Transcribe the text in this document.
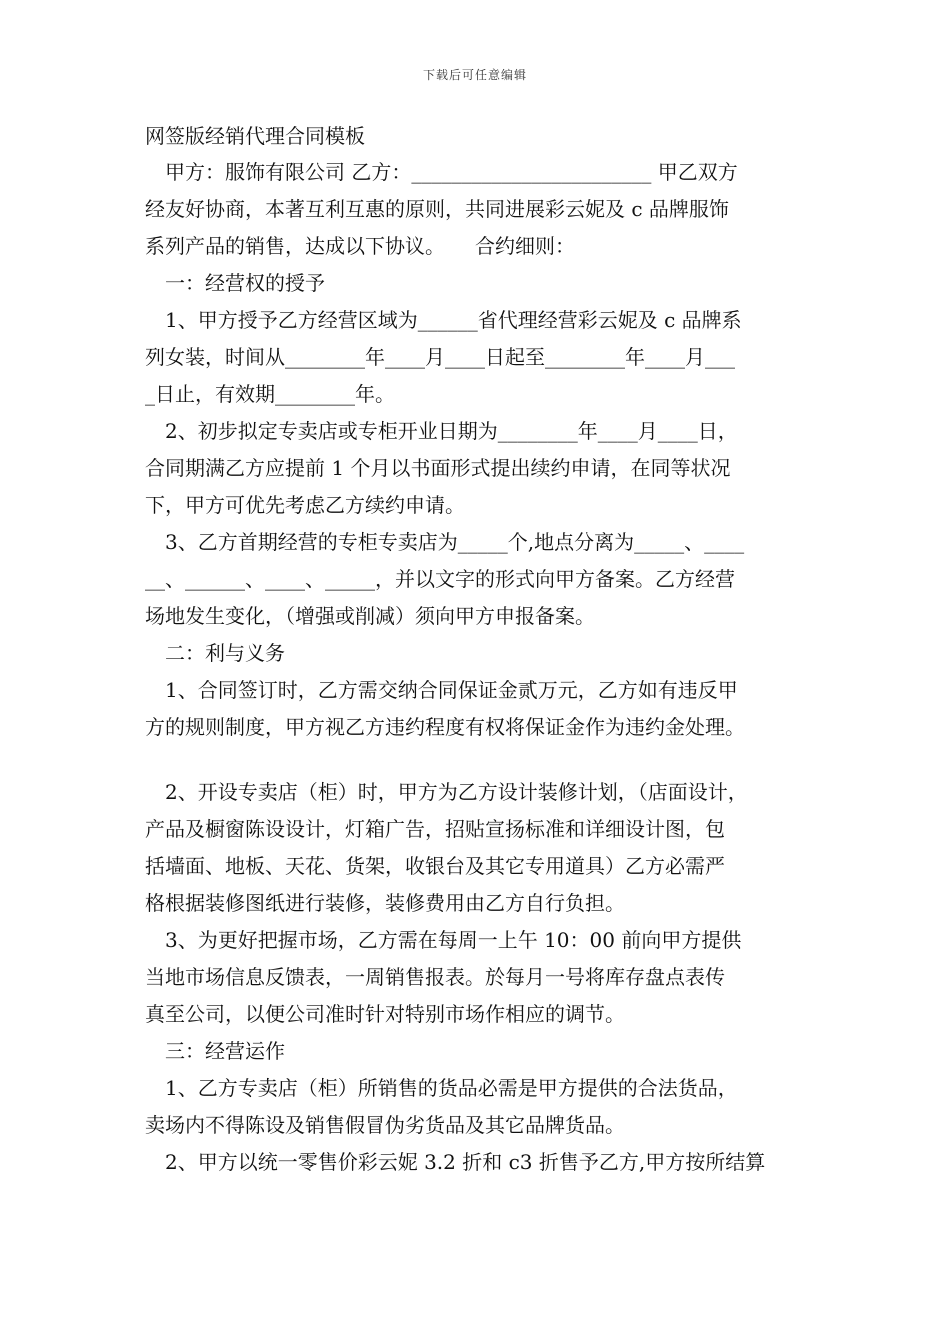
下载后可任意编辑
网签版经销代理合同模板
　甲方：服饰有限公司 乙方：________________________ 甲乙双方
经友好协商，本著互利互惠的原则，共同进展彩云妮及 c 品牌服饰
系列产品的销售，达成以下协议。　　合约细则：
　一：经营权的授予
　1、甲方授予乙方经营区域为______省代理经营彩云妮及 c 品牌系
列女装，时间从________年____月____日起至________年____月___
_日止，有效期________年。
　2、初步拟定专卖店或专柜开业日期为________年____月____日，
合同期满乙方应提前 1 个月以书面形式提出续约申请，在同等状况
下，甲方可优先考虑乙方续约申请。
　3、乙方首期经营的专柜专卖店为_____个,地点分离为_____、____
__、______、____、_____，并以文字的形式向甲方备案。乙方经营
场地发生变化，（增强或削减）须向甲方申报备案。
　二：利与义务
　1、合同签订时，乙方需交纳合同保证金贰万元，乙方如有违反甲
方的规则制度，甲方视乙方违约程度有权将保证金作为违约金处理。
　2、开设专卖店（柜）时，甲方为乙方设计装修计划，（店面设计，
产品及橱窗陈设设计，灯箱广告，招贴宣扬标准和详细设计图，包
括墙面、地板、天花、货架，收银台及其它专用道具）乙方必需严
格根据装修图纸进行装修，装修费用由乙方自行负担。
　3、为更好把握市场，乙方需在每周一上午 10：00 前向甲方提供
当地市场信息反馈表，一周销售报表。於每月一号将库存盘点表传
真至公司，以便公司准时针对特别市场作相应的调节。
　三：经营运作
　1、乙方专卖店（柜）所销售的货品必需是甲方提供的合法货品，
卖场内不得陈设及销售假冒伪劣货品及其它品牌货品。
　2、甲方以统一零售价彩云妮 3.2 折和 c3 折售予乙方,甲方按所结算
